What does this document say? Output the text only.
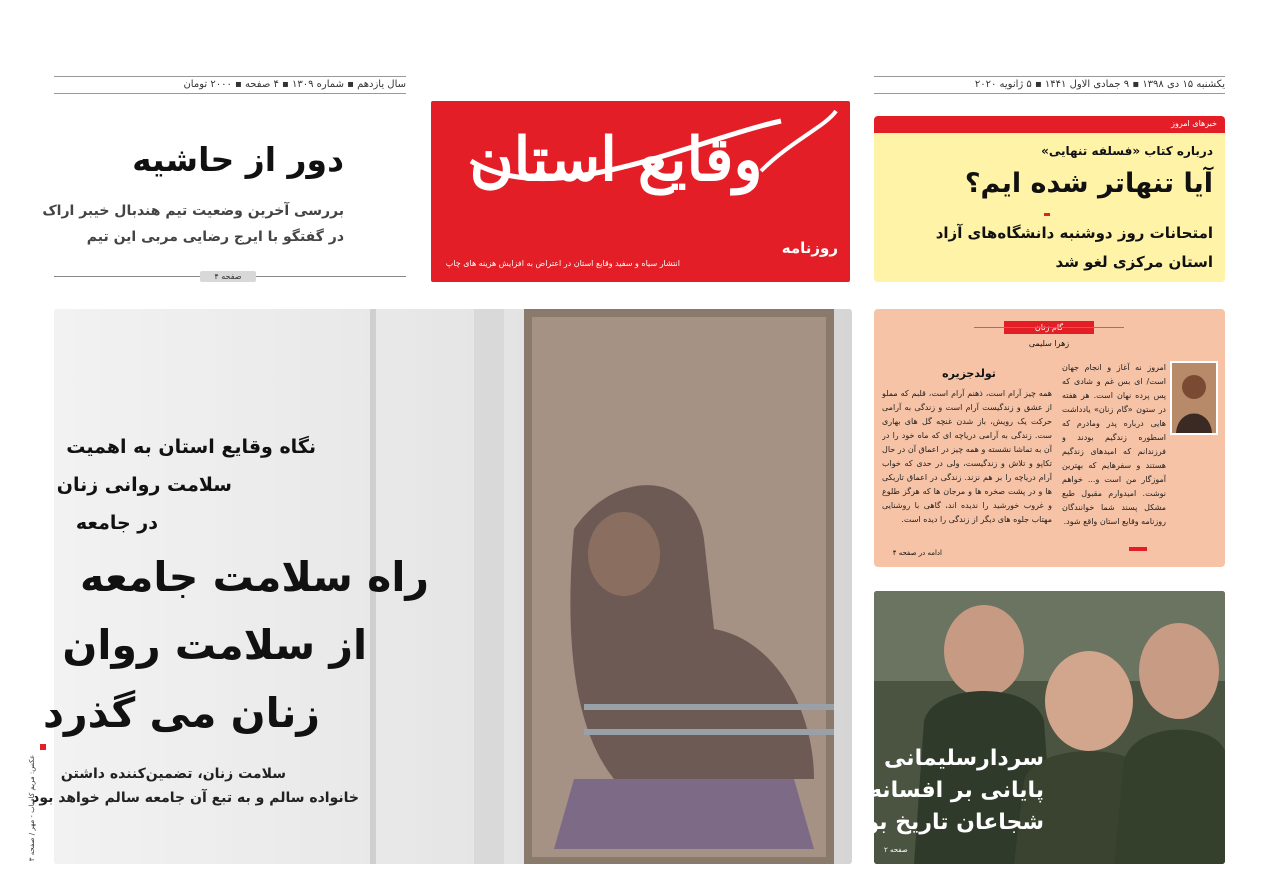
یکشنبه ۱۵ دی ۱۳۹۸ ▪ ۹ جمادی الاول ۱۴۴۱ ▪ ۵ ژانویه ۲۰۲۰
سال یازدهم ▪ شماره ۱۳۰۹ ▪ ۴ صفحه ▪ ۲۰۰۰ تومان
وقایع استان
روزنامه
انتشار سیاه و سفید وقایع استان در اعتراض به افزایش هزینه های چاپ
دور از حاشیه
بررسی آخرین وضعیت تیم هندبال خیبر اراک
در گفتگو با ایرج رضایی مربی این تیم
صفحه ۴
خبرهای امروز
درباره کتاب «فسلفه تنهایی»
آیا تنهاتر شده ایم؟
امتحانات روز دوشنبه دانشگاه‌های آزاد
استان مرکزی لغو شد
زهرا سلیمی
امروز نه آغاز و انجام جهان است/ ای بس غم و شادی که پس پرده نهان است. هر هفته در ستون «گام زنان» یادداشت هایی درباره پدر ومادرم که اسطوره زندگیم بودند و فرزندانم که امیدهای زندگیم هستند و سفرهایم که بهترین آموزگار من است و... خواهم نوشت. امیدوارم مقبول طبع مشکل پسند شما خوانندگان روزنامه وقایع استان واقع شود.
تولدجزیره
همه چیز آرام است، ذهنم آرام است، قلبم که مملو از عشق و زندگیست آرام است و زندگی به آرامی حرکت یک رویش، باز شدن غنچه گل های بهاری ست. زندگی به آرامی دریاچه ای که ماه خود را در آن به تماشا نشسته و همه چیز در اعماق آن در حال تکاپو و تلاش و زندگیست، ولی در حدی که خواب آرام دریاچه را بر هم نزند. زندگی در اعماق تاریکی ها و در پشت صخره ها و مرجان ها که هرگز طلوع و غروب خورشید را ندیده اند، گاهی با روشنایی مهتاب جلوه های دیگر از زندگی را دیده است.
ادامه در صفحه ۴
نگاه وقایع استان به اهمیت
سلامت روانی زنان
در جامعه
راه سلامت جامعه
از سلامت روان
زنان می گذرد
سلامت زنان، تضمین‌کننده داشتن
خانواده سالم و به تبع آن جامعه سالم خواهد بود
عکس: مریم کامیاب - مهر / صفحه ۳	سردارسلیمانی
پایانی بر افسانه
شجاعان تاریخ بود
صفحه ۲
